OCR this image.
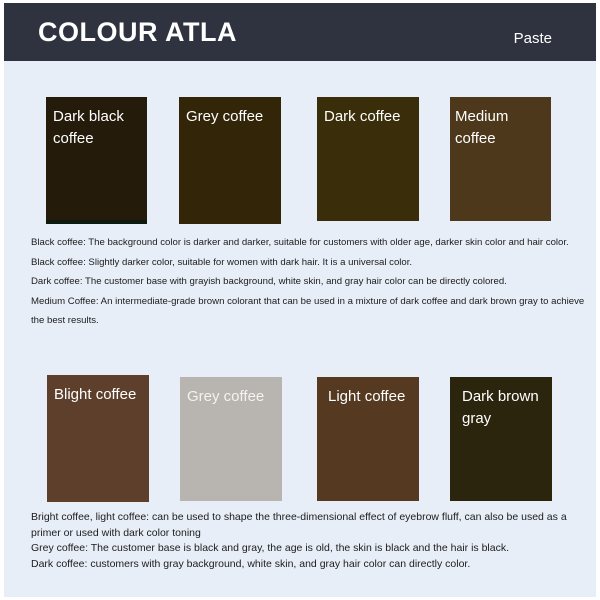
COLOUR ATLA	Paste
Dark black coffee
Grey coffee	Dark coffee	Medium coffee

Black coffee: The background color is darker and darker, suitable for customers with older age, darker skin color and hair color.

Black coffee: Slightly darker color, suitable for women with dark hair. It is a universal color.

Dark coffee: The customer base with grayish background, white skin, and gray hair color can be directly colored.

Medium Coffee: An intermediate-grade brown colorant that can be used in a mixture of dark coffee and dark brown gray to achieve the best results.

Blight coffee	Grey coffee	Light coffee	Dark brown gray

Bright coffee, light coffee: can be used to shape the three-dimensional effect of eyebrow fluff, can also be used as a primer or used with dark color toning

Grey coffee: The customer base is black and gray, the age is old, the skin is black and the hair is black.

Dark coffee: customers with gray background, white skin, and gray hair color can directly color.
